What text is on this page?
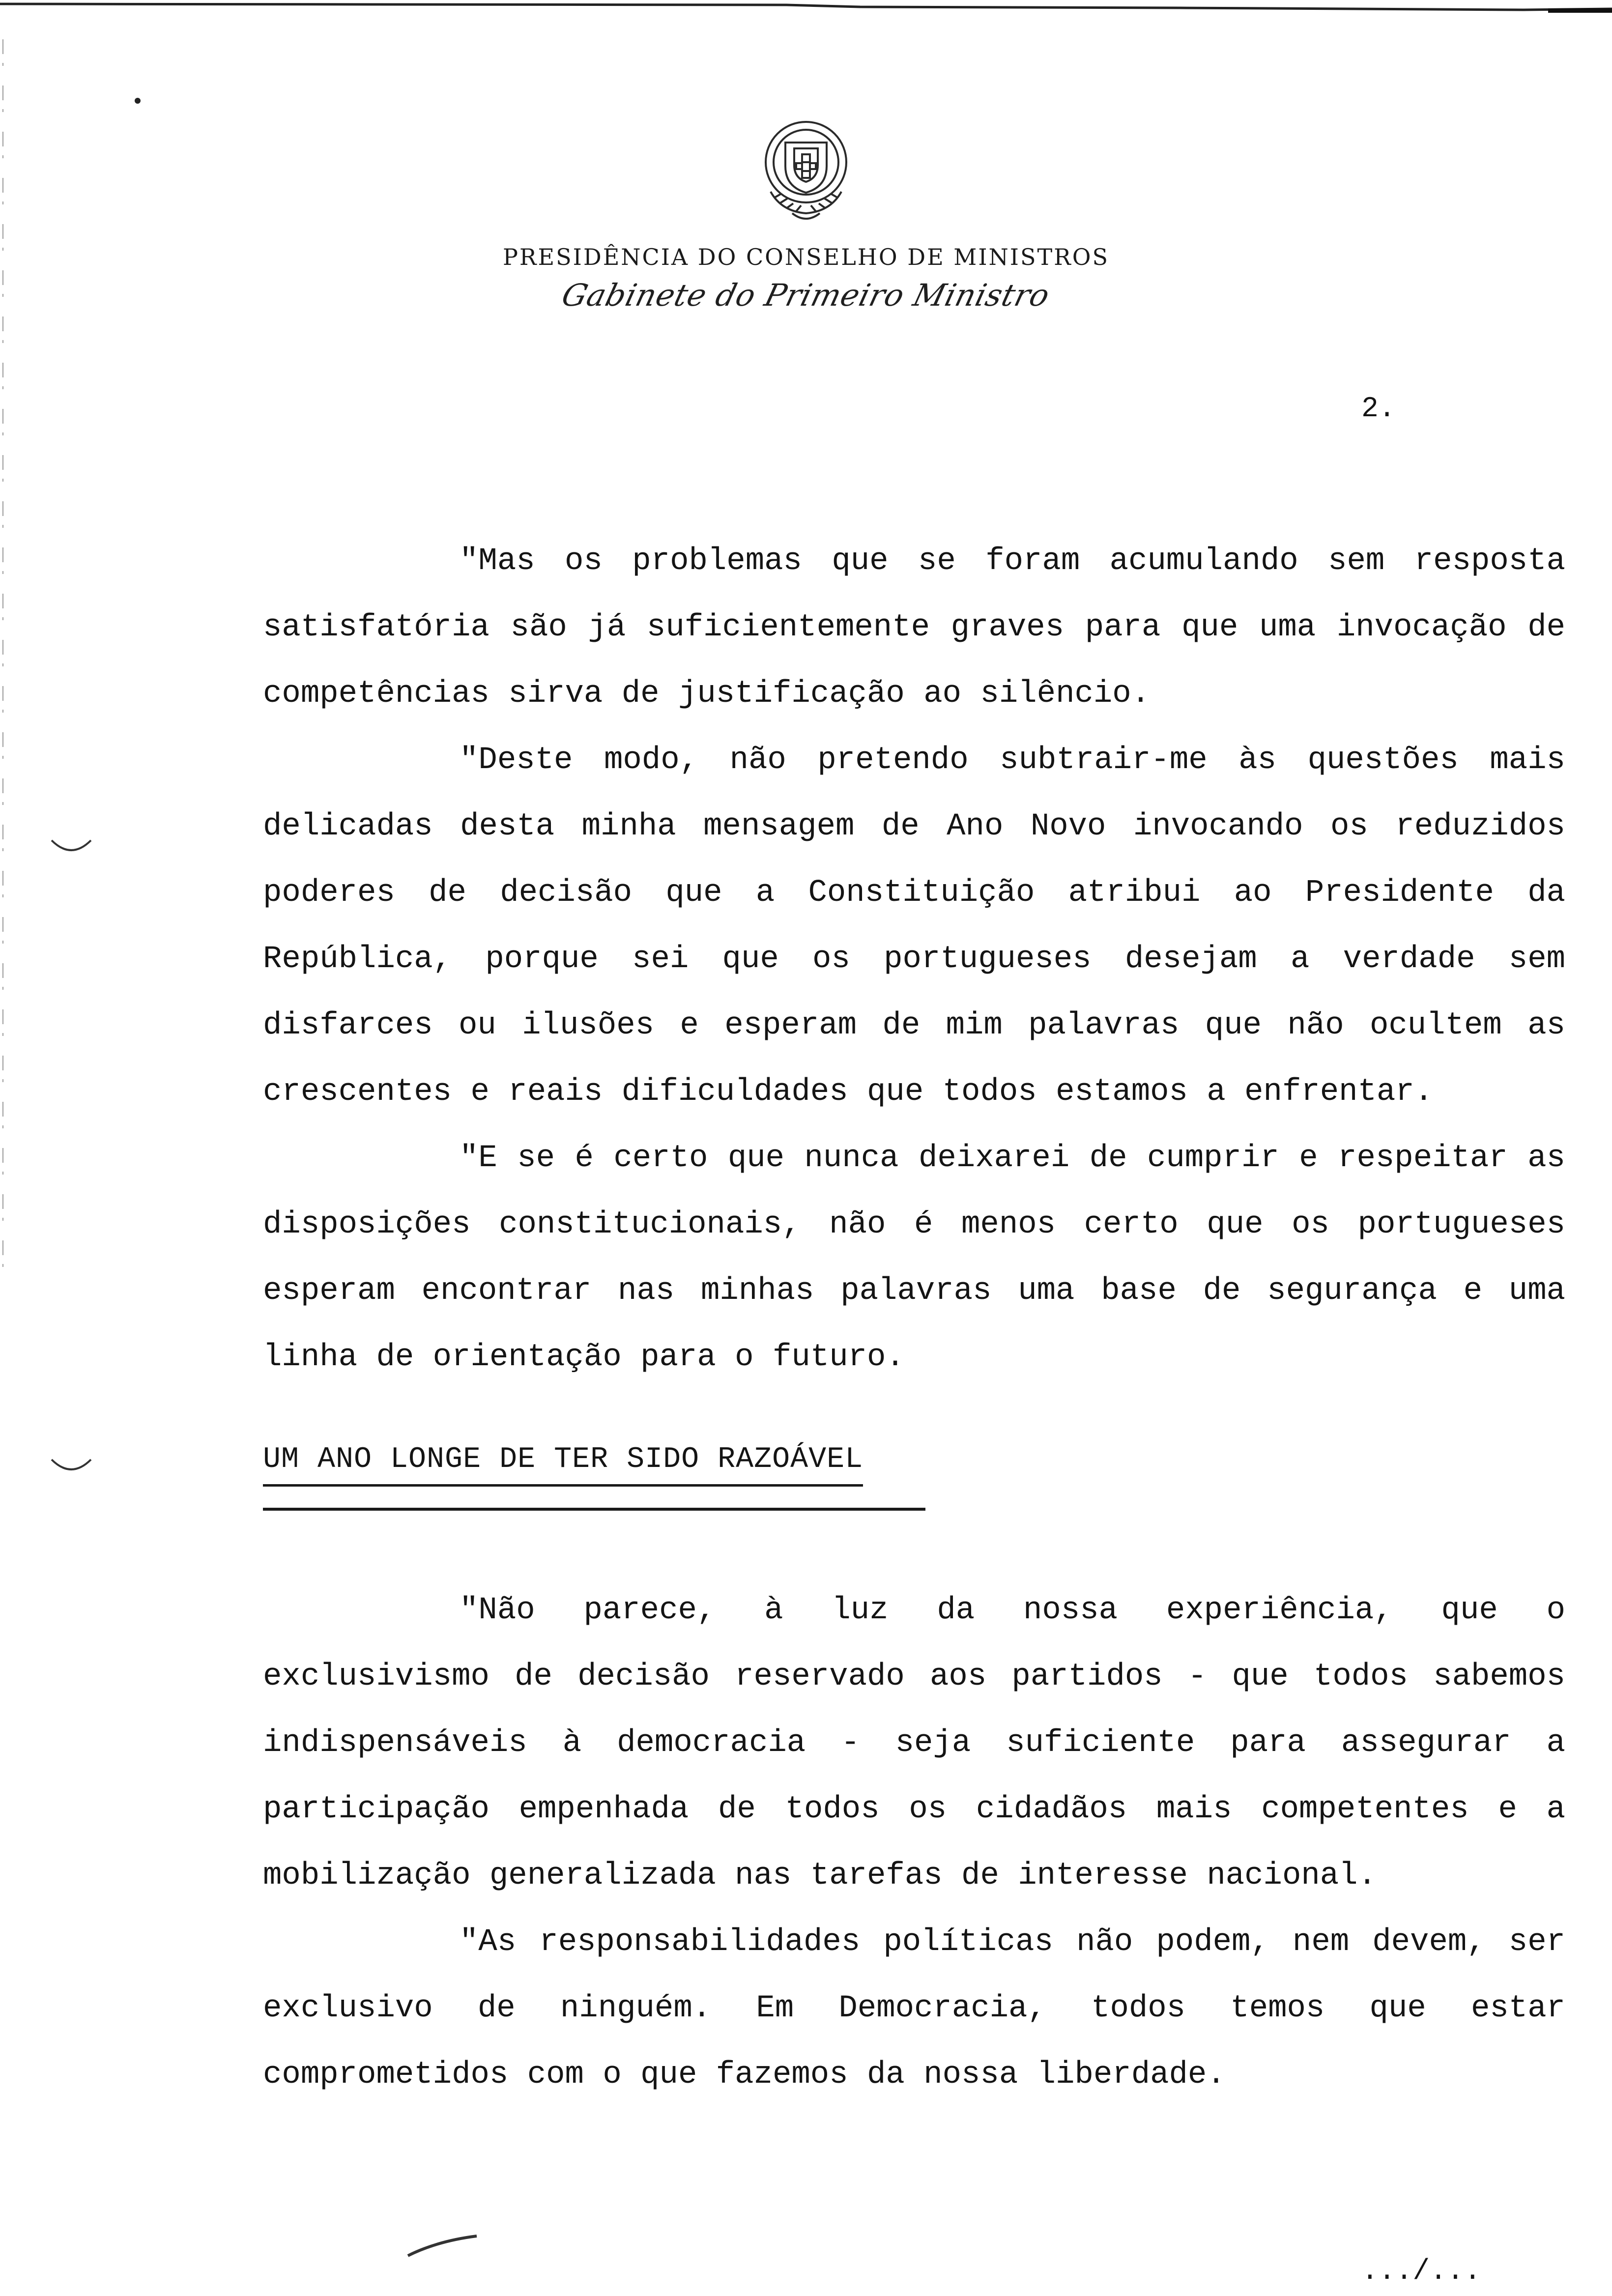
PRESIDÊNCIA DO CONSELHO DE MINISTROS
Gabinete do Primeiro Ministro
2.

"Mas os problemas que se foram acumulando sem resposta satisfatória são já suficientemente graves para que uma invocação de competências sirva de justificação ao silêncio.

"Deste modo, não pretendo subtrair-me às questões mais delicadas desta minha mensagem de Ano Novo invocando os reduzidos poderes de decisão que a Constituição atribui ao Presidente da República, porque sei que os portugueses desejam a verdade sem disfarces ou ilusões e esperam de mim palavras que não ocultem as crescentes e reais dificuldades que todos estamos a enfrentar.

"E se é certo que nunca deixarei de cumprir e respeitar as disposições constitucionais, não é menos certo que os portugueses esperam encontrar nas minhas palavras uma base de segurança e uma linha de orientação para o futuro.

UM ANO LONGE DE TER SIDO RAZOÁVEL

"Não parece, à luz da nossa experiência, que o exclusivismo de decisão reservado aos partidos - que todos sabemos indispensáveis à democracia - seja suficiente para assegurar a participação empenhada de todos os cidadãos mais competentes e a mobilização generalizada nas tarefas de interesse nacional.

"As responsabilidades políticas não podem, nem devem, ser exclusivo de ninguém. Em Democracia, todos temos que estar comprometidos com o que fazemos da nossa liberdade.

.../...
